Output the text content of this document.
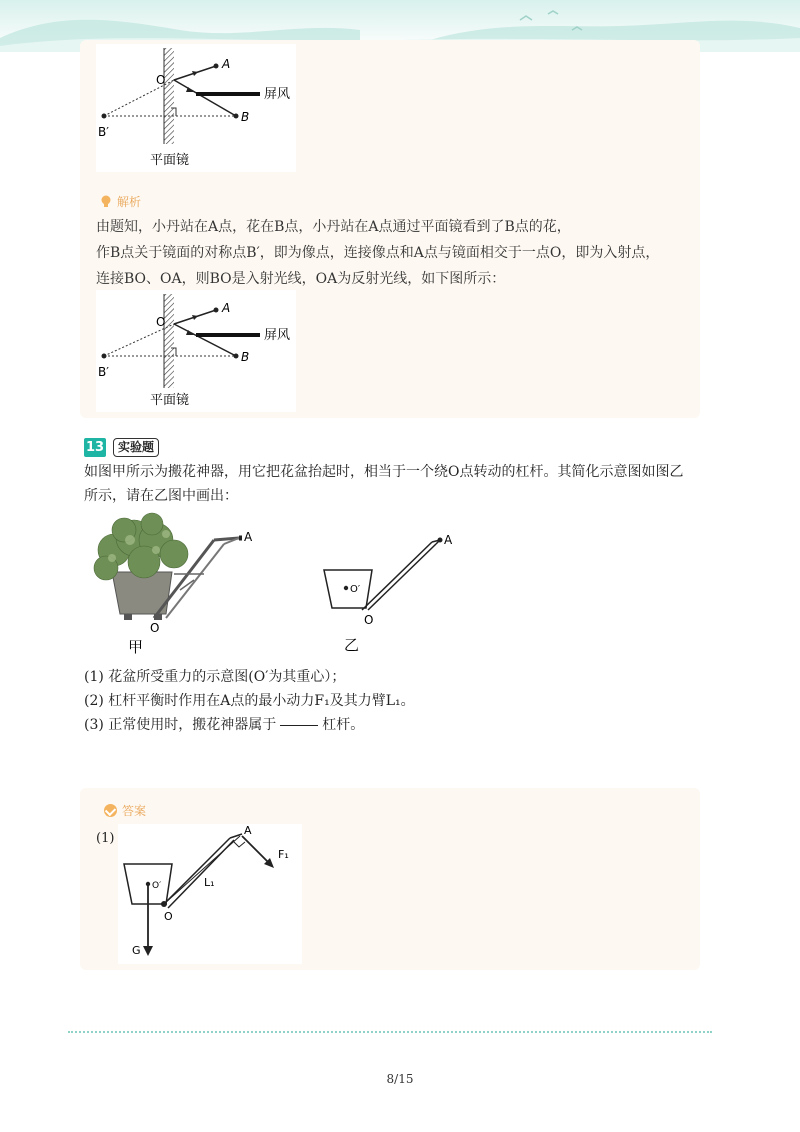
O
A
B
B′
屏风
平面镜
解析
由题知，小丹站在A点，花在B点，小丹站在A点通过平面镜看到了B点的花，
作B点关于镜面的对称点B′，即为像点，连接像点和A点与镜面相交于一点O，即为入射点，
连接BO、OA，则BO是入射光线，OA为反射光线，如下图所示：
O
A
B
B′
屏风
平面镜
13	实验题
如图甲所示为搬花神器，用它把花盆抬起时，相当于一个绕O点转动的杠杆。其简化示意图如图乙
所示，请在乙图中画出：
A
O
甲
A
O′
O
乙
(1) 花盆所受重力的示意图(O′为其重心）；
(2) 杠杆平衡时作用在A点的最小动力F₁及其力臂L₁。
(3) 正常使用时，搬花神器属于	杠杆。
答案
(1)
A
F₁
L₁
O′
O
G
8/15
